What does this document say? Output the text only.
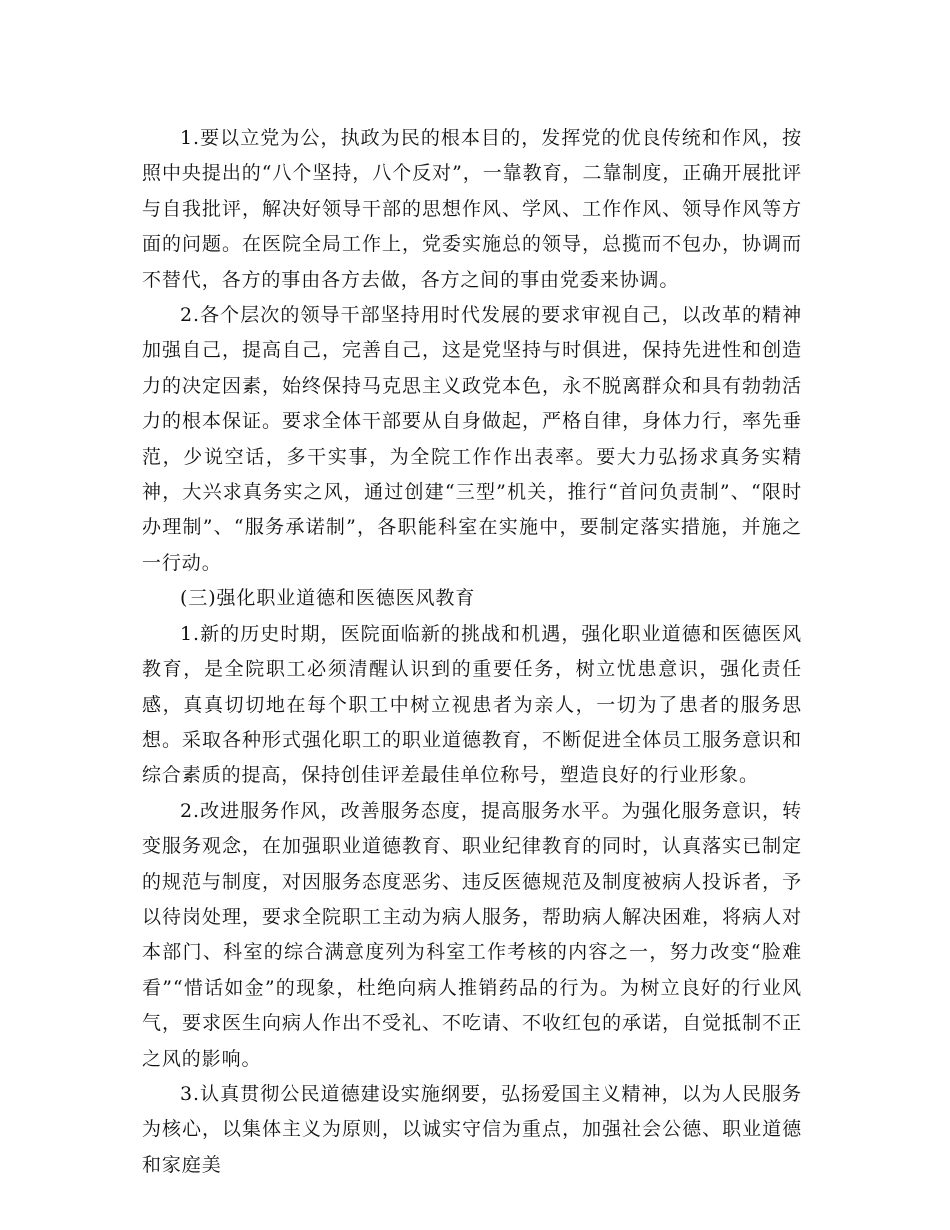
1.要以立党为公，执政为民的根本目的，发挥党的优良传统和作风，按照中央提出的“八个坚持，八个反对”，一靠教育，二靠制度，正确开展批评与自我批评，解决好领导干部的思想作风、学风、工作作风、领导作风等方面的问题。在医院全局工作上，党委实施总的领导，总揽而不包办，协调而不替代，各方的事由各方去做，各方之间的事由党委来协调。

2.各个层次的领导干部坚持用时代发展的要求审视自己，以改革的精神加强自己，提高自己，完善自己，这是党坚持与时俱进，保持先进性和创造力的决定因素，始终保持马克思主义政党本色，永不脱离群众和具有勃勃活力的根本保证。要求全体干部要从自身做起，严格自律，身体力行，率先垂范，少说空话，多干实事，为全院工作作出表率。要大力弘扬求真务实精神，大兴求真务实之风，通过创建“三型”机关，推行“首问负责制”、“限时办理制”、“服务承诺制”，各职能科室在实施中，要制定落实措施，并施之一行动。

(三)强化职业道德和医德医风教育

1.新的历史时期，医院面临新的挑战和机遇，强化职业道德和医德医风教育，是全院职工必须清醒认识到的重要任务，树立忧患意识，强化责任感，真真切切地在每个职工中树立视患者为亲人，一切为了患者的服务思想。采取各种形式强化职工的职业道德教育，不断促进全体员工服务意识和综合素质的提高，保持创佳评差最佳单位称号，塑造良好的行业形象。

2.改进服务作风，改善服务态度，提高服务水平。为强化服务意识，转变服务观念，在加强职业道德教育、职业纪律教育的同时，认真落实已制定的规范与制度，对因服务态度恶劣、违反医德规范及制度被病人投诉者，予以待岗处理，要求全院职工主动为病人服务，帮助病人解决困难，将病人对本部门、科室的综合满意度列为科室工作考核的内容之一，努力改变“脸难看”“惜话如金”的现象，杜绝向病人推销药品的行为。为树立良好的行业风气，要求医生向病人作出不受礼、不吃请、不收红包的承诺，自觉抵制不正之风的影响。

3.认真贯彻公民道德建设实施纲要，弘扬爱国主义精神，以为人民服务为核心，以集体主义为原则，以诚实守信为重点，加强社会公德、职业道德和家庭美
